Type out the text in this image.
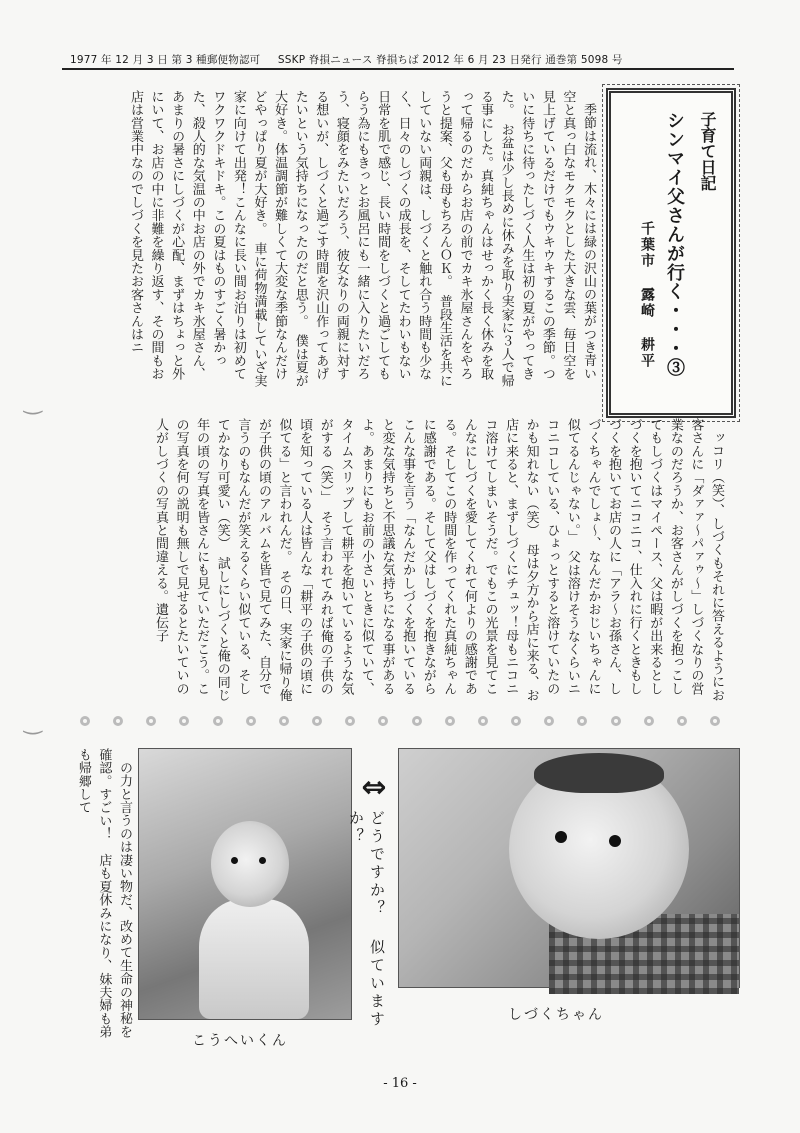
1977 年 12 月 3 日 第 3 種郵便物認可 SSKP 脊損ニュース 脊損ちば 2012 年 6 月 23 日発行 通巻第 5098 号
子育て日記
シンマイ父さんが行く・・・③
千葉市 露崎 耕平

季節は流れ、木々には緑の沢山の葉がつき青い空と真っ白なモクモクとした大きな雲、毎日空を見上げているだけでもウキウキするこの季節。ついに待ちに待ったしづく人生は初の夏がやってきた。　お盆は少し長めに休みを取り実家に３人で帰る事にした。真純ちゃんはせっかく長く休みを取って帰るのだからお店の前でカキ氷屋さんをやろうと提案、父も母もちろんＯＫ。　普段生活を共にしていない両親は、しづくと触れ合う時間も少なく、日々のしづくの成長を、そしてたわいもない日常を肌で感じ、長い時間をしづくと過ごしてもらう為にもきっとお風呂にも一緒に入りたいだろう、寝顔をみたいだろう、彼女なりの両親に対する想いが、しづくと過ごす時間を沢山作ってあげたいという気持ちになったのだと思う。　僕は夏が大好き。体温調節が難しくて大変な季節なんだけどやっぱり夏が大好き。　車に荷物満載していざ実家に向けて出発！こんなに長い間お泊りは初めてワクワクドキドキ。この夏はものすごく暑かった、殺人的な気温の中お店の外でカキ氷屋さん、あまりの暑さにしづくが心配、まずはちょっと外にいて、お店の中に非難を繰り返す、その間もお店は営業中なのでしづくを見たお客さんはニ

ッコリ（笑）、しづくもそれに答えるようにお客さんに「ダァァ〜パァゥ〜」しづくなりの営業なのだろうか、お客さんがしづくを抱っこしてもしづくはマイペース、父は暇が出来るとしづくを抱いてニコニコ、仕入れに行くときもしづくを抱いてお店の人に「アラ〜お孫さん、しづくちゃんでしょ〜、なんだかおじいちゃんに似てるんじゃない。」　父は溶けそうなくらいニコニコしている、ひょっとすると溶けていたのかも知れない（笑）　母は夕方から店に来る、お店に来ると、まずしづくにチュッ！母もニコニコ溶けてしまいそうだ。でもこの光景を見てこんなにしづくを愛してくれて何よりの感謝である。そしてこの時間を作ってくれた真純ちゃんに感謝である。そして父はしづくを抱きながらこんな事を言う「なんだかしづくを抱いていると変な気持ちと不思議な気持ちになる事があるよ。あまりにもお前の小さいときに似ていて、タイムスリップして耕平を抱いているような気がする（笑）」　そう言われてみれば俺の子供の頃を知っている人は皆んな「耕平の子供の頃に似てる」と言われんだ。　その日、実家に帰り俺が子供の頃のアルバムを皆で見てみた、自分で言うのもなんだが笑えるくらい似ている、そしてかなり可愛い（笑）　試しにしづくと俺の同じ年の頃の写真を皆さんにも見ていただこう。この写真を何の説明も無しで見せるとたいていの人がしづくの写真と間違える。遺伝子

の力と言うのは凄い物だ、改めて生命の神秘を確認。すごい！　店も夏休みになり、妹夫婦も弟も帰郷して	⇔
どうですか？ 似ていますか？
こうへいくん
しづくちゃん
- 16 -
‿
‿
